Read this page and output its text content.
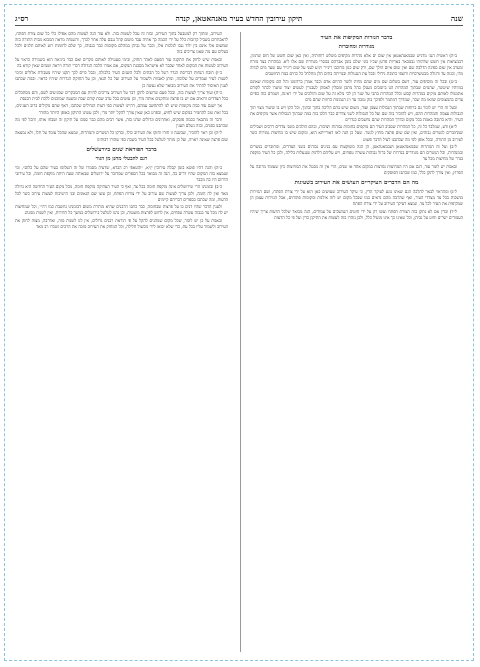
שנה
תיקון עירובין החדש בעיר מאנהאטאן, קנדה
רס״ג
בדבר הגזרות המקיפות את העיר
מגודרות ומחוברות

ב״ה) ראשית הנני מדגיש שבמאנהאטאן אין שום ים אלא מהרות מקיפים משלש רוחותיה, ואין כאן שום חשש של חוס שרמון, דבמציאות אין חשש שדהותי נבמבאר באריות פרטן שכ״ו בוגי שלם בזמן אברהם במסרי מגודרת שם אלו ליא. במהרות בצד מזרח ומערב אין שום ספינה הדלבת שם ואין שום איזם הולך שם, ורק שום כגון מרוכבו רינייר ויגיע לעני על שום רינייר עם שער מים לגדוה מדו, ובגוה עד ודגולה מבטשרסיות ורוצפי כתובת גידולי ובכל עת הנגנולות ובמייתה בתים חלן מחלחל כל כחים במה החושבים

ב״ט) ובכל זה מוסיפים עוד, דשם בשלום שם מים שהם מדות ולשר ההיום אדם וכבר אמרן ברדוגונו והל הם מקומות שאינם במיותיו שיטשר, שהמים שבתוך המהרות הנו ביזמבים מעגלן בהל מתכן ומסלין לאמהן לעבגרין לעשים יצור שיערו לכתר לקודם אתמגולו לאותם מוקים במהרות קבוע וכלל המהרות בהבי על שגר הן לכי מלא זה על שום והולכים על ידי ראינה, ושמרם כזה כפיים עדים בהמצומים שוואו מה שכר, שמדרך דמתמר ולפיכך בוק טובה עד ויג הגמונות כרוזות שהם מים

ובעל זה הרי יש לומר גם ברוחות שבתוך הגבולות עצמן ועוד, משום שיש בהם הליכה בתוך ובתוך, וכל הקו ויש בו שיעור מצוי תוך הגבולות עצמה והמהרות ההם, ויש להזכיר בזה שם ועל כל הגבולות לשני צדדים כבר הלכו בזה במה שבתוך הגבולות אשר מקיפים את העיר, והיא כתובה באמת בכל מקום ובדרך המהרות שהם נחשבים כגדרים

ל״א) ודע, שמלבד כל זה, כל המהרות שסביב העיר הם מוקפים בחומות גבוהות ויציבות, ובהם הולכים משני צדדים דרכים ושבילים שמחוברים לגשרים גבוהים, ואין שם שום פרצה מחוץ לגשר. שעל כן הנה לאו דאורייתא הוא, ומקום שיש בו מחיצות גמורות כשר לעירוב מן התורה, ובכל אופן לפי מה שכתבנו לעיל הדבר פשוט

ל״ב) ועל זה המהרות שבמאנהאטאן ושבמאנהאטן, הן הנה משוקעות עם בנינים גבוהים בשני הצדדים, ומחוברים בגשרים ובמנהרות, וכל הגשרים הם מגודרים בגדרות של ברזל גבוהות עשרה טפחים, ויש עליהם דלתות שננעלות בלילה, ולכן כל העיר מוקפת בגדר של מחיצות מכל צד

ובאמת יש לומר עוד, דגם אם היו המחיצות נפרצות במקום אחד או שנים, הרי אין זה מבטל את המחיצות כיון שעומד מרובה על הפרוץ, ואין צורך לתקן כלל, כמו שכתבו הפוסקים

מה הם הדברים העיקריים העושים את העירוב בשעיגות

ל״ג) ומהראוי לבאר להלכה הגם שאינו נוגע לעיקר הדין, כי עיקר העירוב שעושים כאן הוא על ידי צורת הפתח, ושם הגזירות מושכות בכל צד מצדדי העיר, ואף שהרבה מהם נראים כמו שבכל מקום יש לזה אילנות ומקומות פתוחים, אבל הגזירות עצמן הן שמקיפות את העיר לכל צד, ונמצא דעיקר העירוב על ידי צורת הפתח

ל״ד) ובדין אם לא נתקן בזה הצורת הפתח ועשו רק על ידי חוטים הנמשכים על עמודים, הנה מבואר שלכל הדעות צריך שיהיו העמודים ישרים וחוט על גביהן, וכל שאינו כך אינו מועיל כלל, ולכן נזהרו בזה לעשות את התיקון כדין ועל פי כל הדעות

העירוב, ומתוך רק למטבעל בתוך העירוב, ובזה זה עכל לעשות בזה. ולא עוד הנה לעשות מהם אפילו כלי כל שום צורת הפתח, לראבחרום בשביל קרובות כלל על ידי הכמה כך אהיה עבד משום קהל גנבם עלה אחר לברך, והשגחה מראה המבוא מבית התורה בזה שמשום אלו אינם בין ילוד גנבו לנלכות אלו, וכבר על גביהן במהלם מקוםות כבר בגבוהו, כך שלם לחומות רוע לאותם תלנים ולכל בעלים עם מה שאנו צריכים בזה

ובאמת שיש לחזק את התקנה עוד הפעם לאהר החזק, ובימי סעטילה לאותם מקרים ואם כבר ביניאה הוא בשמירה כראוי על העירוב לעשות את המקום לאחר שכבר לא אישראל מסכנת המקום, אם אמרו הלכה הגדולה דברי תורה ויראה ושמים שאין קורא בה

כ״ז) חובת הנחות דבריסת הגדר רשל כל הבתים ולכל השנים העיר כלכולה, ובבל סיים לכך תקנו שיהיו מעבורת אלולים ובימי לשנות לעיר ועמדים על שלומה, ונותן לאבוות ולשמור על העירוב ועל כל תנאי, וכן על החזקת הגדרות שיהיו כראוי. ובמה שכתבו לענין האיסור להתיר את העירוב מבואר שלא נעשה כן

כ״ח) ועוד צריך לעשות בזה, ובכל פעם שרוצים לתקן דבר על העירוב צריכים להיות עם המבקרים שמגיעים לשם, והם מסתכלים בכל הצדדים ורואים אם יש בו פרצה ומתקנים אותה מיד, וכן עושים בכל ערב שבת קודם שבת ובשעה שמוכנים ללכת לבית הכנסת

אך ישנם עוד כמה מקומות שיש לנו להתחשב עמהם, דהיינו לעשות כפי דעות הגדולים שכתבו, דאף שהם מקילים ברוב הענינים, בכל זאת טוב להחמיר במקום שיש לחוש, ובפרט כאן שאין צורך להקל יותר מדי, ולכן עשינו התיקון באופן היותר מהודר

ודבר זה מתבאר בכמה פוסקים, ואחרונים וגדולים שדנו בזה, אשר רבים מהם כבר סמכו על תיקון זה ושבחו אותו, והכל לפי מה שכתבנו בפנים, ובזה נשלם הענין

ל״ה) וכן ראוי להזכיר, שבשנה זו חזרו וחזקו את העירוב כולו, ובדקו כל הגשרים והמהרות, ונמצא שהכל עומד על תלו, ולא נמצאה שום פרצה שאינה ראויה, ועל כן מותר לטלטל בכל העיר בשבת כפי שהורו רבותינו

בדבר הפוראת שנים ביורעשלים
רגם להבטלי מחנן מן הגור

ב״ה) והנה דהיו פוטא בזמן קבלה עירובין ין״א, ״והטאפי רב הבדא, שדעיה מסמרו של זה השלומו בעיר שהם על כלום״, ומי שנמצא בזה המקום שהיו דרים בה, הנה זה מבואר בכל הספרים שמדובר על ירושלים שבאותה שעה היתה מוקפת חומה, וכל עירובי הדרום היו בה מכבר

כ״ב) ובזמנינו הרי שירושלים אינה מוקפת חומה בכל צד, ואף כי העיר העתיקה מוקפת חומה, מכל מקום העיר החדשה היא גדולה מאד ואין לה חומה, ולכן צריך לעשות שם עירוב על ידי צורות הפתח, וכן עשו שם הגאונים ובני הישיבות לעשות עירוב כשר לכל הדעות, ומה שכתבו בספרים דבריהם קיימים

ולענין הדבר שהיו דנים בו על פרצות שבחומה, כבר כתבו הרבנים שהיא מותרת משום דבזמנינו נחשבת כמו רה״י, וכל שמחיצות יש לה מכל צד בגבוה עשרה טפחים, אין לחוש לפרצות מועטות, וכן נהגו לטלטל בירושלים במשך כל הדורות, ואין לשנות ממנהג

ובאמת על כן יש לומר, שכל מקום שנוהגים להקל על פי הוראת רבנים גדולים, אין לנו לשנות מזה, ואדרבה, מצוה לחזק את העירוב ולשמור עליו בכל עת, כדי שלא יבואו לידי מכשול חלילה, וכל המחזק את העירוב מזכה את הרבים ושכרו רב מאד
